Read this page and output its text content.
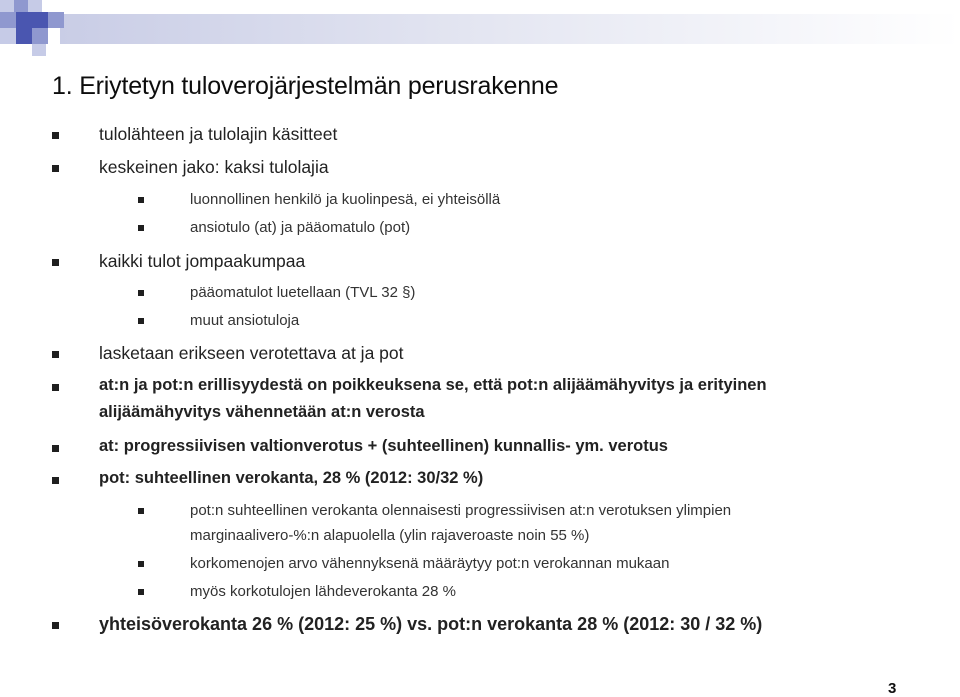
1. Eriytetyn tuloverojärjestelmän perusrakenne
tulolähteen ja tulolajin käsitteet
keskeinen jako: kaksi tulolajia
luonnollinen henkilö ja kuolinpesä, ei yhteisöllä
ansiotulo (at) ja pääomatulo (pot)
kaikki tulot jompaakumpaa
pääomatulot luetellaan (TVL 32 §)
muut ansiotuloja
lasketaan erikseen verotettava at ja pot
at:n ja pot:n erillisyydestä on poikkeuksena se, että pot:n alijäämähyvitys ja erityinen
alijäämähyvitys vähennetään at:n verosta
at: progressiivisen valtionverotus + (suhteellinen) kunnallis- ym. verotus
pot: suhteellinen verokanta, 28 % (2012: 30/32 %)
pot:n suhteellinen verokanta olennaisesti progressiivisen at:n verotuksen ylimpien
marginaalivero-%:n alapuolella (ylin rajaveroaste noin 55 %)
korkomenojen arvo vähennyksenä määräytyy pot:n verokannan mukaan
myös korkotulojen lähdeverokanta 28 %
yhteisöverokanta 26 % (2012: 25 %) vs. pot:n verokanta 28 % (2012: 30 / 32 %)
3
